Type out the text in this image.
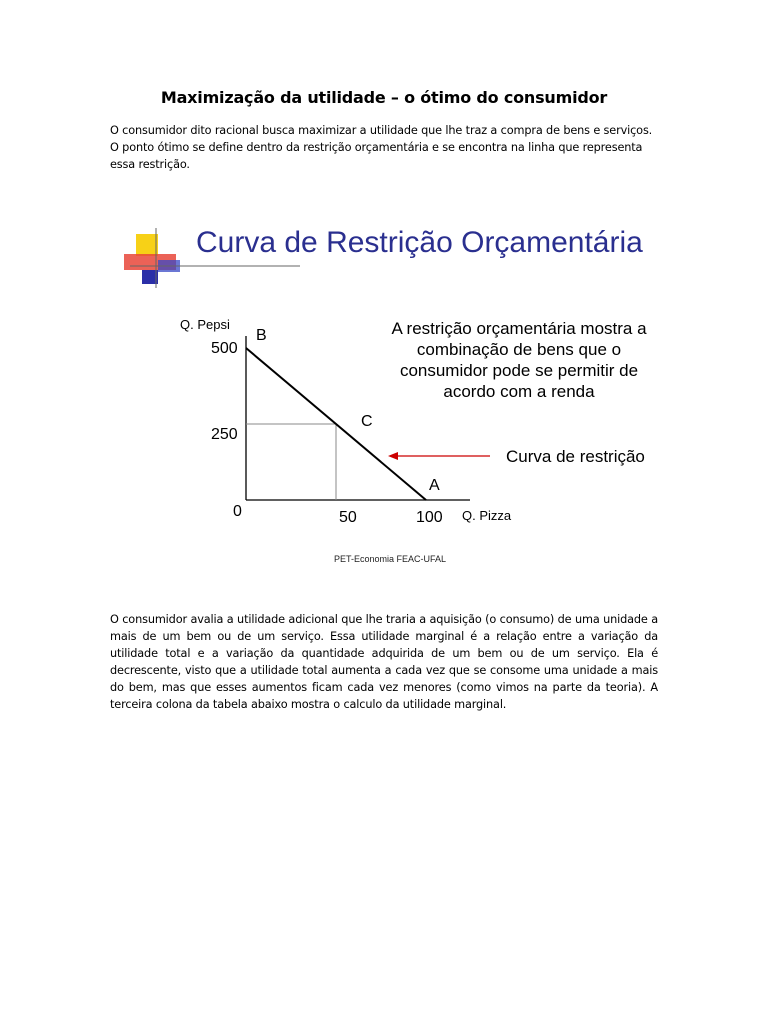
Maximização da utilidade – o ótimo do consumidor
O consumidor dito racional busca maximizar a utilidade que lhe traz a compra de bens e serviços.
O ponto ótimo se define dentro da restrição orçamentária e se encontra na linha que representa
essa restrição.
Curva de Restrição Orçamentária
Q. Pepsi
Q. Pizza
500
250
0	50	100
B
C
A
A restrição orçamentária mostra a combinação de bens que o consumidor pode se permitir de acordo com a renda
Curva de restrição
PET-Economia FEAC-UFAL
O consumidor avalia a utilidade adicional que lhe traria a aquisição (o consumo) de uma unidade a mais de um bem ou de um serviço. Essa utilidade marginal é a relação entre a variação da utilidade total e a variação da quantidade adquirida de um bem ou de um serviço. Ela é decrescente, visto que a utilidade total aumenta a cada vez que se consome uma unidade a mais do bem, mas que esses aumentos ficam cada vez menores (como vimos na parte da teoria). A terceira colona da tabela abaixo mostra o calculo da utilidade marginal.
